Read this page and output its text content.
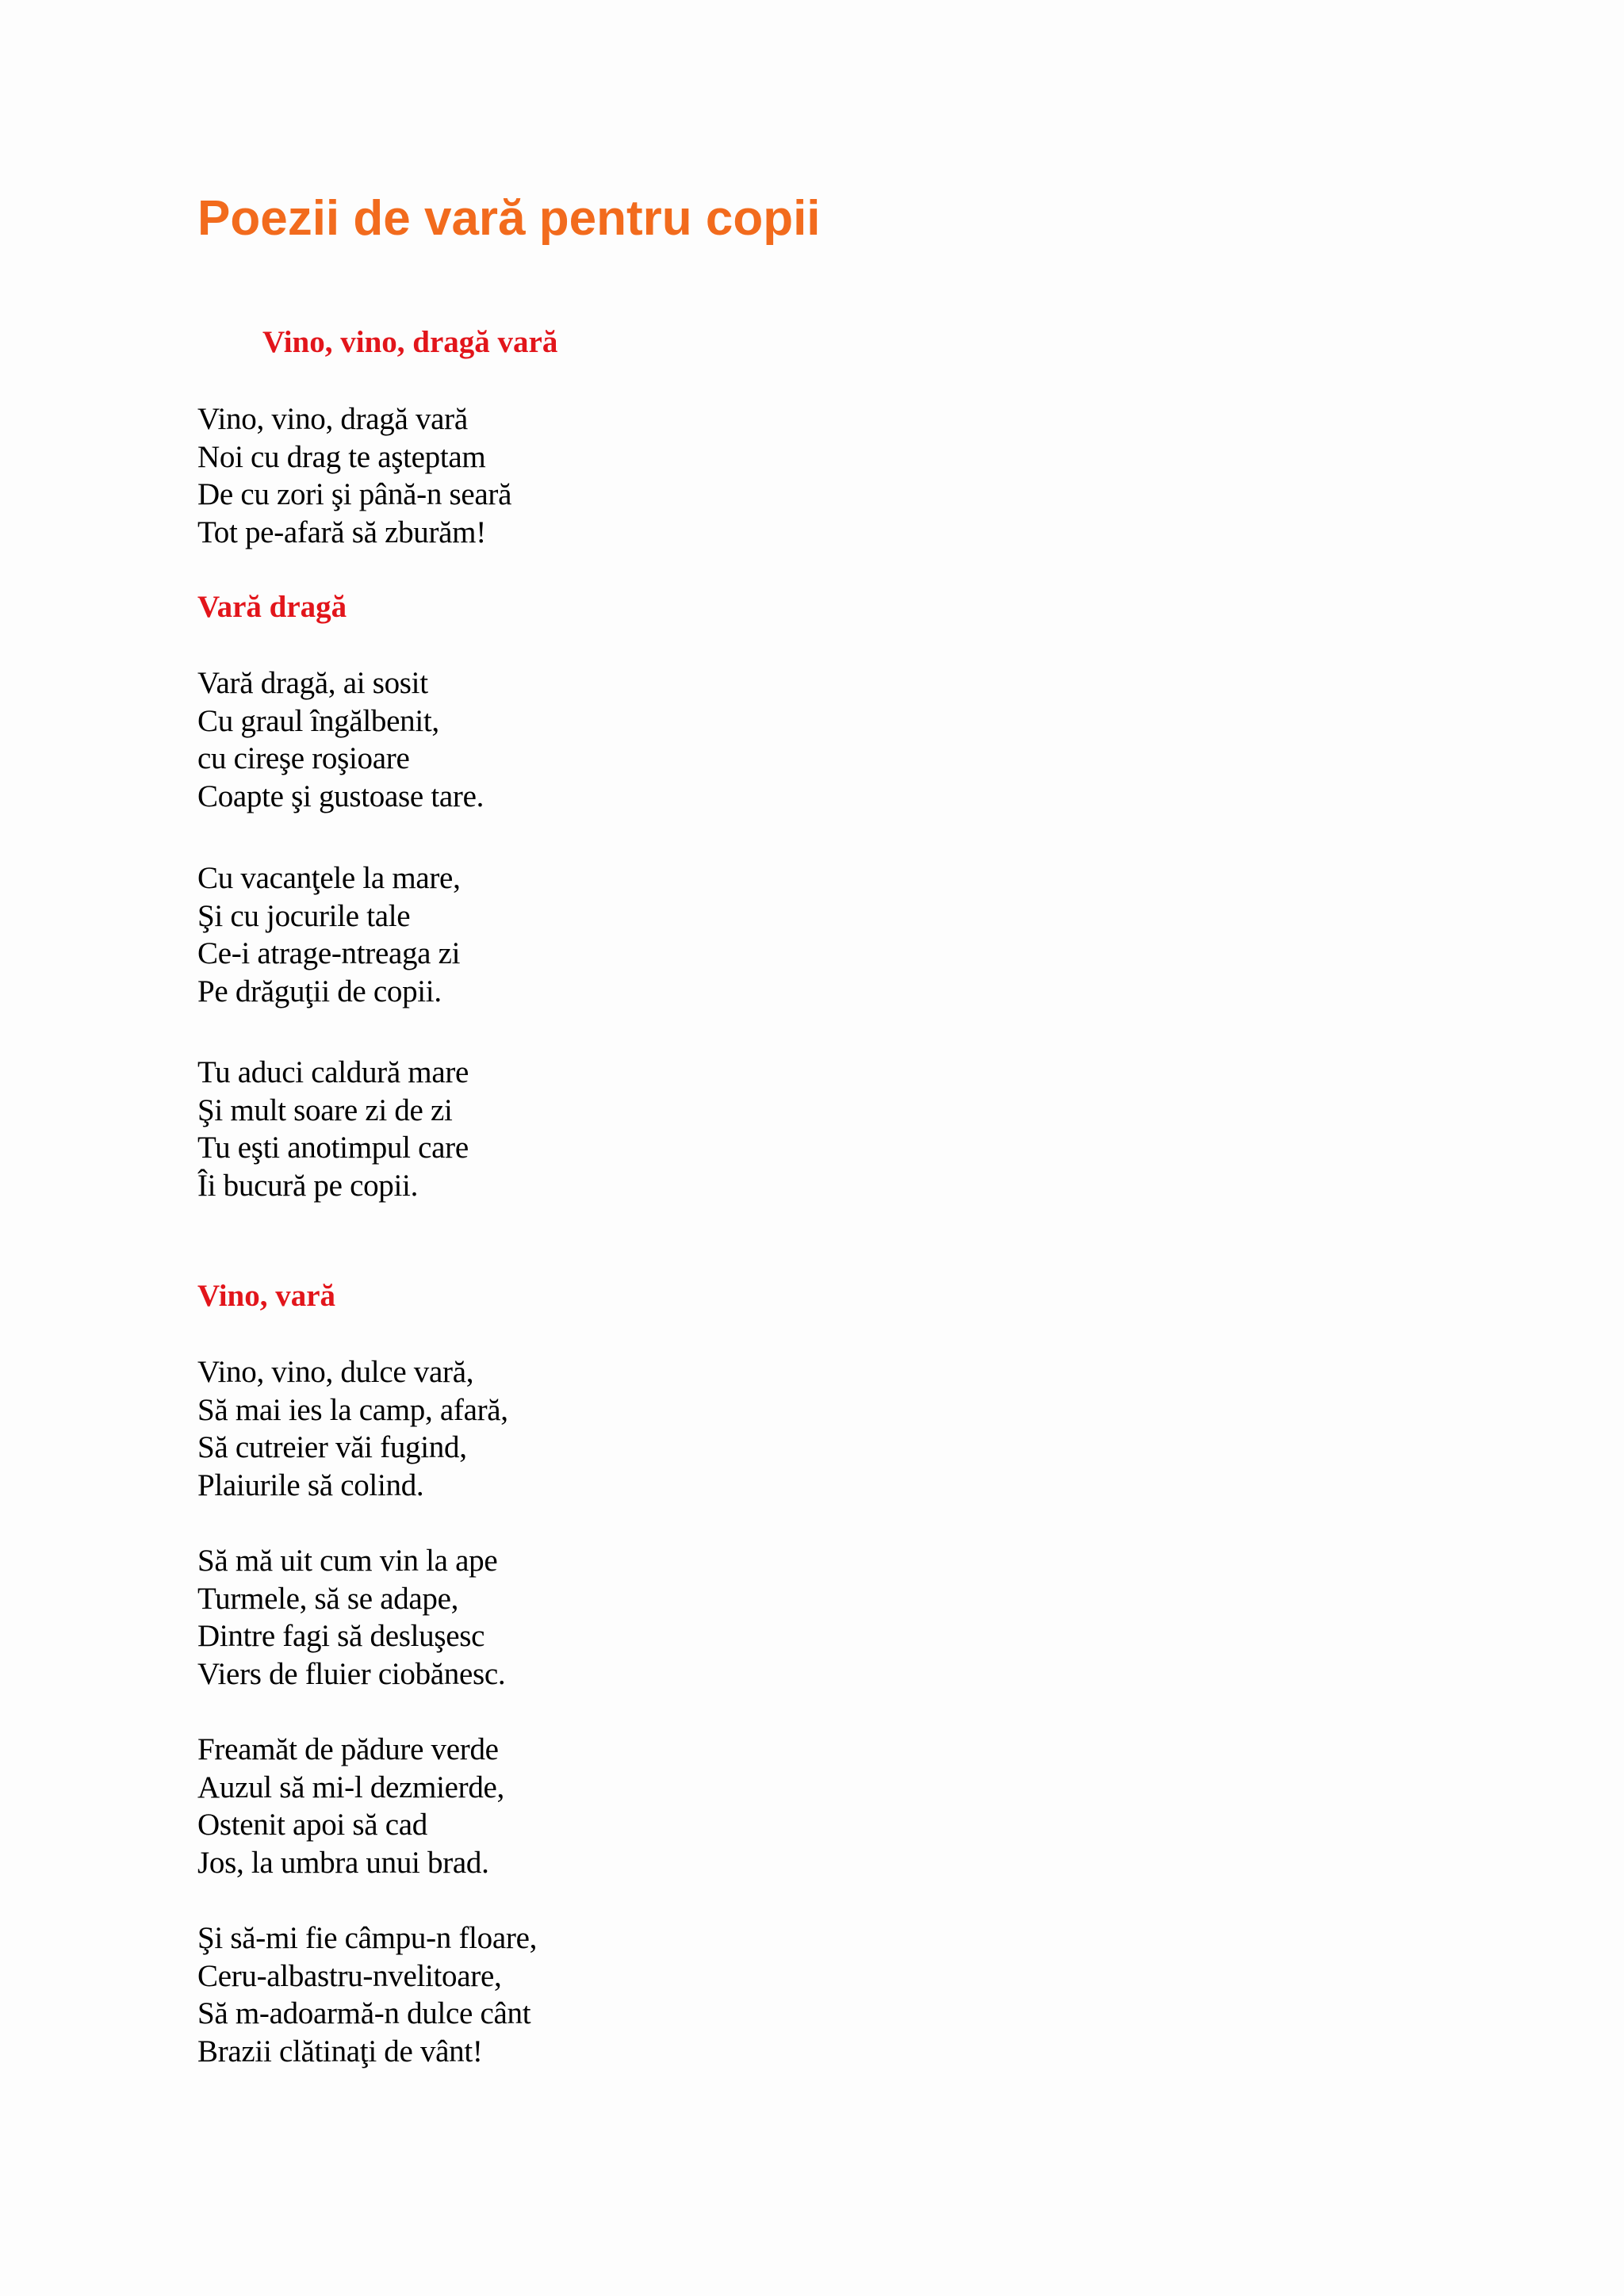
Poezii de vară pentru copii
Vino, vino, dragă vară
Vino, vino, dragă vară
Noi cu drag te aşteptam
De cu zori şi până-n seară
Tot pe-afară să zburăm!
Vară dragă
Vară dragă, ai sosit
Cu graul îngălbenit,
cu cireşe roşioare
Coapte şi gustoase tare.
Cu vacanţele la mare,
Şi cu jocurile tale
Ce-i atrage-ntreaga zi
Pe drăguţii de copii.
Tu aduci caldură mare
Şi mult soare zi de zi
Tu eşti anotimpul care
Îi bucură pe copii.
Vino, vară
Vino, vino, dulce vară,
Să mai ies la camp, afară,
Să cutreier văi fugind,
Plaiurile să colind.
Să mă uit cum vin la ape
Turmele, să se adape,
Dintre fagi să desluşesc
Viers de fluier ciobănesc.
Freamăt de pădure verde
Auzul să mi-l dezmierde,
Ostenit apoi să cad
Jos, la umbra unui brad.
Şi să-mi fie câmpu-n floare,
Ceru-albastru-nvelitoare,
Să m-adoarmă-n dulce cânt
Brazii clătinaţi de vânt!
